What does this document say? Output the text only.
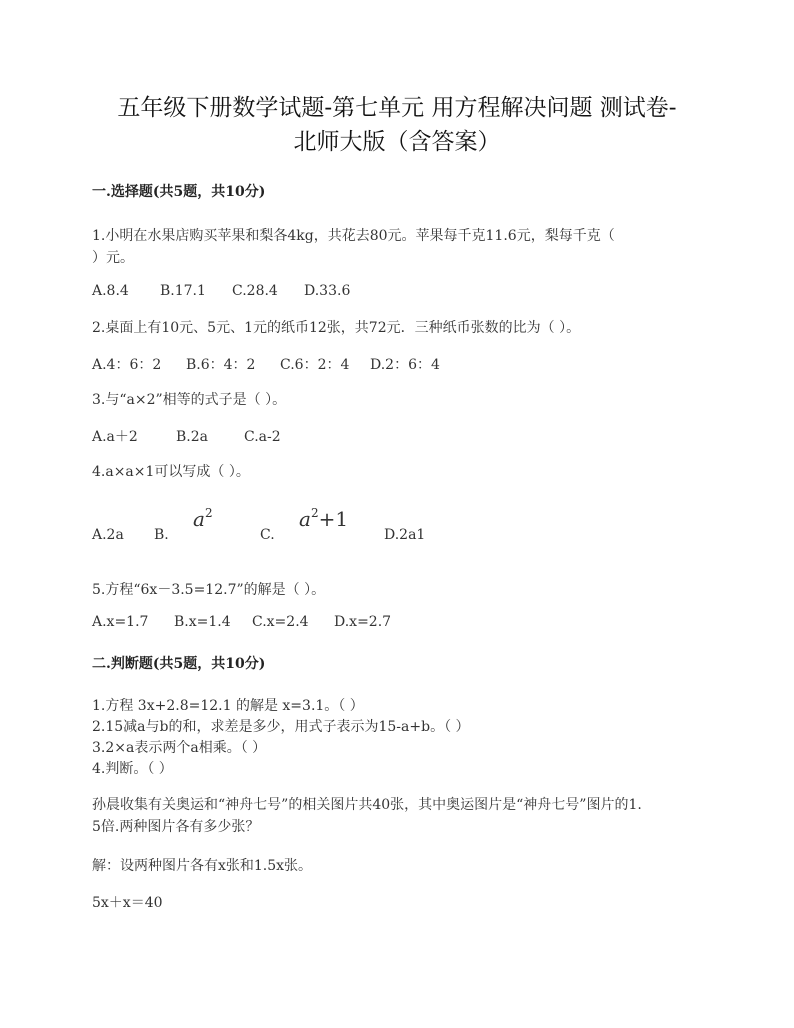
五年级下册数学试题-第七单元 用方程解决问题 测试卷-
北师大版（含答案）
一.选择题(共5题，共10分)
1.小明在水果店购买苹果和梨各4kg，共花去80元。苹果每千克11.6元，梨每千克（
）元。
A.8.4 B.17.1 C.28.4 D.33.6
2.桌面上有10元、5元、1元的纸币12张，共72元．三种纸币张数的比为（ ）。
A.4：6：2 B.6：4：2 C.6：2：4 D.2：6：4
3.与“a×2”相等的式子是（ ）。
A.a＋2	B.2a	C.a-2
4.a×a×1可以写成（ ）。
A.2a B.	C.	D.2a1
$a^2$	$a^2+1$
5.方程“6x－3.5=12.7”的解是（ ）。
A.x=1.7 B.x=1.4 C.x=2.4 D.x=2.7
二.判断题(共5题，共10分)
1.方程 3x+2.8=12.1 的解是 x=3.1。（ ）
2.15减a与b的和，求差是多少，用式子表示为15-a+b。（ ）
3.2×a表示两个a相乘。（ ）
4.判断。（ ）
孙晨收集有关奥运和“神舟七号”的相关图片共40张，其中奥运图片是“神舟七号”图片的1.
5倍.两种图片各有多少张？
解：设两种图片各有x张和1.5x张。
5x＋x＝40
